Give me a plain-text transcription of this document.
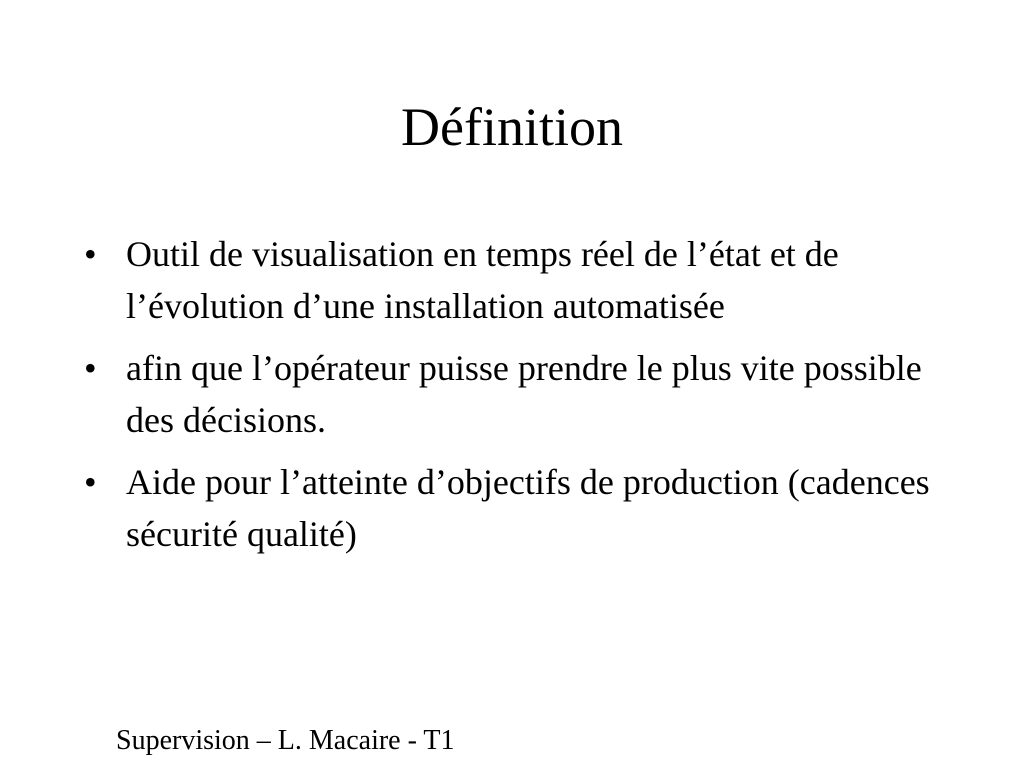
Définition
• Outil de visualisation en temps réel de l’état et de l’évolution d’une installation automatisée
• afin que l’opérateur puisse prendre le plus vite possible des décisions.
• Aide pour l’atteinte d’objectifs de production (cadences sécurité qualité)
Supervision – L. Macaire - T1
